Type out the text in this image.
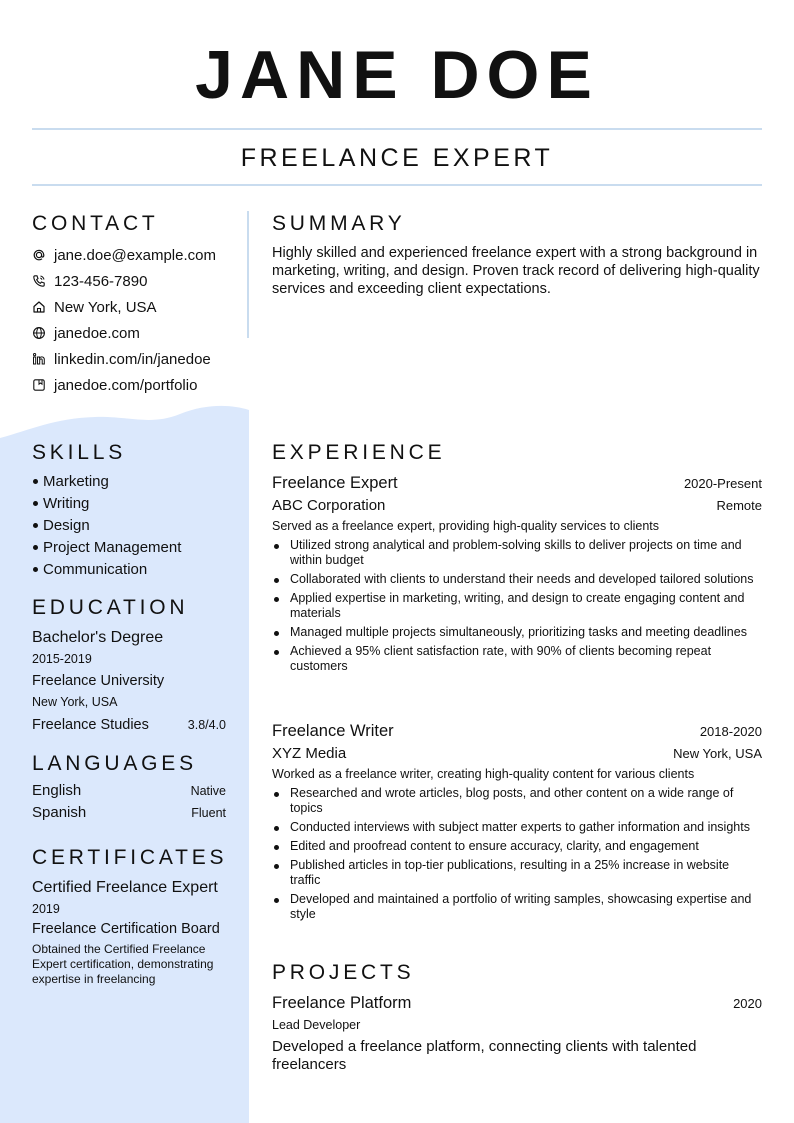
JANE DOE
FREELANCE EXPERT
CONTACT
jane.doe@example.com
123-456-7890
New York, USA
janedoe.com
linkedin.com/in/janedoe
janedoe.com/portfolio
SKILLS
Marketing
Writing
Design
Project Management
Communication
EDUCATION
Bachelor's Degree
2015-2019
Freelance University
New York, USA
Freelance Studies	3.8/4.0
LANGUAGES
English	Native
Spanish	Fluent
CERTIFICATES
Certified Freelance Expert
2019
Freelance Certification Board
Obtained the Certified Freelance Expert certification, demonstrating expertise in freelancing
SUMMARY
Highly skilled and experienced freelance expert with a strong background in marketing, writing, and design. Proven track record of delivering high-quality services and exceeding client expectations.
EXPERIENCE
Freelance Expert	2020-Present
ABC Corporation	Remote
Served as a freelance expert, providing high-quality services to clients
Utilized strong analytical and problem-solving skills to deliver projects on time and within budget
Collaborated with clients to understand their needs and developed tailored solutions
Applied expertise in marketing, writing, and design to create engaging content and materials
Managed multiple projects simultaneously, prioritizing tasks and meeting deadlines
Achieved a 95% client satisfaction rate, with 90% of clients becoming repeat customers
Freelance Writer	2018-2020
XYZ Media	New York, USA
Worked as a freelance writer, creating high-quality content for various clients
Researched and wrote articles, blog posts, and other content on a wide range of topics
Conducted interviews with subject matter experts to gather information and insights
Edited and proofread content to ensure accuracy, clarity, and engagement
Published articles in top-tier publications, resulting in a 25% increase in website traffic
Developed and maintained a portfolio of writing samples, showcasing expertise and style
PROJECTS
Freelance Platform	2020
Lead Developer
Developed a freelance platform, connecting clients with talented freelancers
